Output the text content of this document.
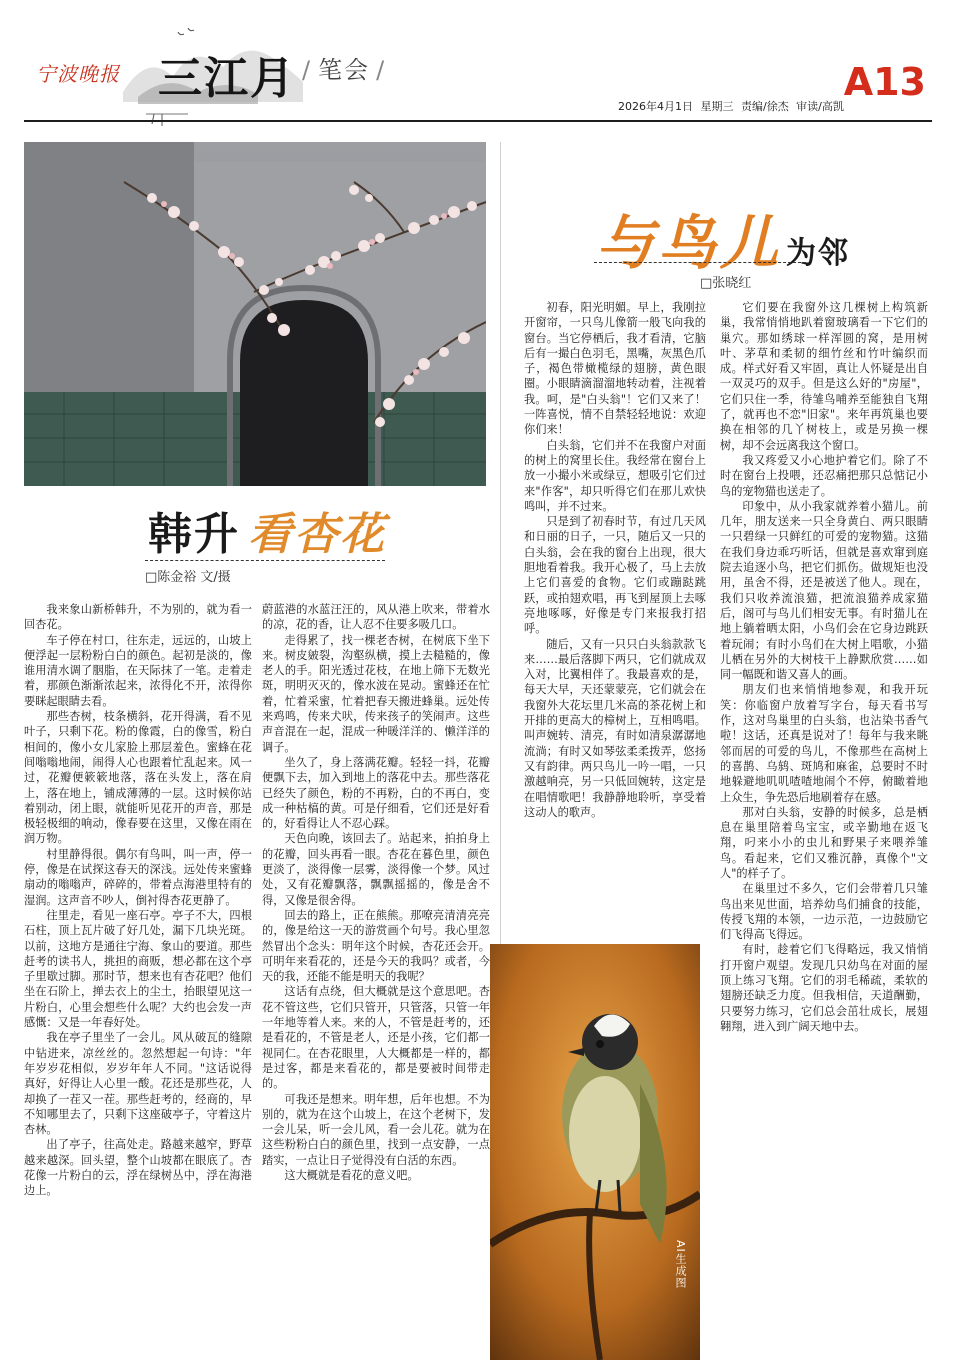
宁波晚报 三江月 / 笔会 /	A13
2026年4月1日 星期三 责编/徐杰 审读/高凯
韩升 看杏花
□陈金裕 文/摄

我来象山新桥韩升，不为别的，就为看一回杏花。

车子停在村口，往东走，远远的，山坡上便浮起一层粉粉白白的颜色。起初是淡的，像谁用清水调了胭脂，在天际抹了一笔。走着走着，那颜色渐渐浓起来，浓得化不开，浓得你要眯起眼睛去看。

那些杏树，枝条横斜，花开得满，看不见叶子，只剩下花。粉的像霞，白的像雪，粉白相间的，像小女儿家脸上那层羞色。蜜蜂在花间嗡嗡地闹，闹得人心也跟着忙乱起来。风一过，花瓣便簌簌地落，落在头发上，落在肩上，落在地上，铺成薄薄的一层。这时候你站着别动，闭上眼，就能听见花开的声音，那是极轻极细的响动，像春要在这里，又像在雨在润万物。

村里静得很。偶尔有鸟叫，叫一声，停一停，像是在试探这春天的深浅。远处传来蜜蜂扇动的嗡嗡声，碎碎的，带着点海港里特有的湿润。这声音不吵人，倒衬得杏花更静了。

往里走，看见一座石亭。亭子不大，四根石柱，顶上瓦片破了好几处，漏下几块光斑。以前，这地方是通往宁海、象山的要道。那些赶考的读书人，挑担的商贩，想必都在这个亭子里歇过脚。那时节，想来也有杏花吧？他们坐在石阶上，掸去衣上的尘土，抬眼望见这一片粉白，心里会想些什么呢？大约也会发一声感慨：又是一年春好处。

我在亭子里坐了一会儿。风从破瓦的缝隙中钻进来，凉丝丝的。忽然想起一句诗："年年岁岁花相似，岁岁年年人不同。"这话说得真好，好得让人心里一酸。花还是那些花，人却换了一茬又一茬。那些赶考的，经商的，早不知哪里去了，只剩下这座破亭子，守着这片杏林。

出了亭子，往高处走。路越来越窄，野草越来越深。回头望，整个山坡都在眼底了。杏花像一片粉白的云，浮在绿树丛中，浮在海港边上。

蔚蓝港的水蓝汪汪的，风从港上吹来，带着水的凉，花的香，让人忍不住要多吸几口。

走得累了，找一棵老杏树，在树底下坐下来。树皮皴裂，沟壑纵横，摸上去糙糙的，像老人的手。阳光透过花枝，在地上筛下无数光斑，明明灭灭的，像水波在晃动。蜜蜂还在忙着，忙着采蜜，忙着把春天搬进蜂巢。远处传来鸡鸣，传来犬吠，传来孩子的笑闹声。这些声音混在一起，混成一种暖洋洋的、懒洋洋的调子。

坐久了，身上落满花瓣。轻轻一抖，花瓣便飘下去，加入到地上的落花中去。那些落花已经失了颜色，粉的不再粉，白的不再白，变成一种枯槁的黄。可是仔细看，它们还是好看的，好看得让人不忍心踩。

天色向晚，该回去了。站起来，拍拍身上的花瓣，回头再看一眼。杏花在暮色里，颜色更淡了，淡得像一层雾，淡得像一个梦。风过处，又有花瓣飘落，飘飘摇摇的，像是舍不得，又像是很舍得。

回去的路上，正在熊熊。那嘹亮清清亮亮的，像是给这一天的游赏画个句号。我心里忽然冒出个念头：明年这个时候，杏花还会开。可明年来看花的，还是今天的我吗？或者，今天的我，还能不能是明天的我呢？

这话有点绕，但大概就是这个意思吧。杏花不管这些，它们只管开，只管落，只管一年一年地等着人来。来的人，不管是赶考的，还是看花的，不管是老人，还是小孩，它们都一视同仁。在杏花眼里，人大概都是一样的，都是过客，都是来看花的，都是要被时间带走的。

可我还是想来。明年想，后年也想。不为别的，就为在这个山坡上，在这个老树下，发一会儿呆，听一会儿风，看一会儿花。就为在这些粉粉白白的颜色里，找到一点安静，一点踏实，一点让日子觉得没有白活的东西。

这大概就是看花的意义吧。

与鸟儿 为邻
□张晓红

初春，阳光明媚。早上，我刚拉开窗帘，一只鸟儿像箭一般飞向我的窗台。当它停栖后，我才看清，它脑后有一撮白色羽毛，黑嘴，灰黑色爪子，褐色带橄榄绿的翅膀，黄色眼圈。小眼睛滴溜溜地转动着，注视着我。呵，是"白头翁"！它们又来了！一阵喜悦，情不自禁轻轻地说：欢迎你们来！

白头翁，它们并不在我窗户对面的树上的窝里长住。我经常在窗台上放一小撮小米或绿豆，想吸引它们过来"作客"，却只听得它们在那儿欢快鸣叫，并不过来。

只是到了初春时节，有过几天风和日丽的日子，一只，随后又一只的白头翁，会在我的窗台上出现，很大胆地看着我。我开心极了，马上去放上它们喜爱的食物。它们或蹦跶跳跃，或拍翅欢唱，再飞到屋顶上去啄亮地啄啄，好像是专门来报我打招呼。

随后，又有一只只白头翁款款飞来……最后落脚下两只，它们就成双入对，比翼相伴了。我最喜欢的是，每天大早，天还蒙蒙亮，它们就会在我窗外大花坛里几米高的茶花树上和开排的更高大的樟树上，互相鸣唱。叫声婉转、清亮，有时如清泉潺潺地流淌；有时又如琴弦柔柔拨弄，悠扬又有韵律。两只鸟儿一吟一唱，一只激越响亮，另一只低回婉转，这定是在唱情歌吧！我静静地聆听，享受着这动人的歌声。

它们要在我窗外这几棵树上构筑新巢，我常悄悄地趴着窗玻璃看一下它们的巢穴。那如绣球一样浑圆的窝，是用树叶、茅草和柔韧的细竹丝和竹叶编织而成。样式好看又牢固，真让人怀疑是出自一双灵巧的双手。但是这么好的"房屋"，它们只住一季，待雏鸟哺养至能独自飞翔了，就再也不恋"旧家"。来年再筑巢也要换在相邻的几丫树枝上，或是另换一棵树，却不会远离我这个窗口。

我又疼爱又小心地护着它们。除了不时在窗台上投喂，还忍痛把那只总惦记小鸟的宠物猫也送走了。

印象中，从小我家就养着小猫儿。前几年，朋友送来一只全身黄白、两只眼睛一只碧绿一只鲜红的可爱的宠物猫。这猫在我们身边乖巧听话，但就是喜欢窜到庭院去追逐小鸟，把它们抓伤。做规矩也没用，虽舍不得，还是被送了他人。现在，我们只收养流浪猫，把流浪猫养成家猫后，阁可与鸟儿们相安无事。有时猫儿在地上躺着晒太阳，小鸟们会在它身边跳跃着玩闹；有时小鸟们在大树上唱歌，小猫儿栖在另外的大树枝干上静默欣赏……如同一幅既和谐又喜人的画。

朋友们也来悄悄地参观，和我开玩笑：你临窗户放着写字台，每天看书写作，这对鸟巢里的白头翁，也沾染书香气啦！这话，还真是说对了！每年与我来眺邻而居的可爱的鸟儿，不像那些在高树上的喜鹊、乌鸫、斑鸠和麻雀，总要时不时地躲避地叽叽喳喳地闹个不停，俯瞰着地上众生，争先恐后地刷着存在感。

那对白头翁，安静的时候多，总是栖息在巢里陪着鸟宝宝，或辛勤地在返飞翔，叼来小小的虫儿和野果子来喂养雏鸟。看起来，它们又雅沉静，真像个"文人"的样子了。

在巢里过不多久，它们会带着几只雏鸟出来见世面，培养幼鸟们捕食的技能，传授飞翔的本领，一边示范，一边鼓励它们飞得高飞得远。

有时，趁着它们飞得略远，我又悄悄打开窗户观望。发现几只幼鸟在对面的屋顶上练习飞翔。它们的羽毛稀疏，柔软的翅膀还缺乏力度。但我相信，天道酬勤，只要努力练习，它们总会茁壮成长，展翅翱翔，进入到广阔天地中去。

AI生成图
